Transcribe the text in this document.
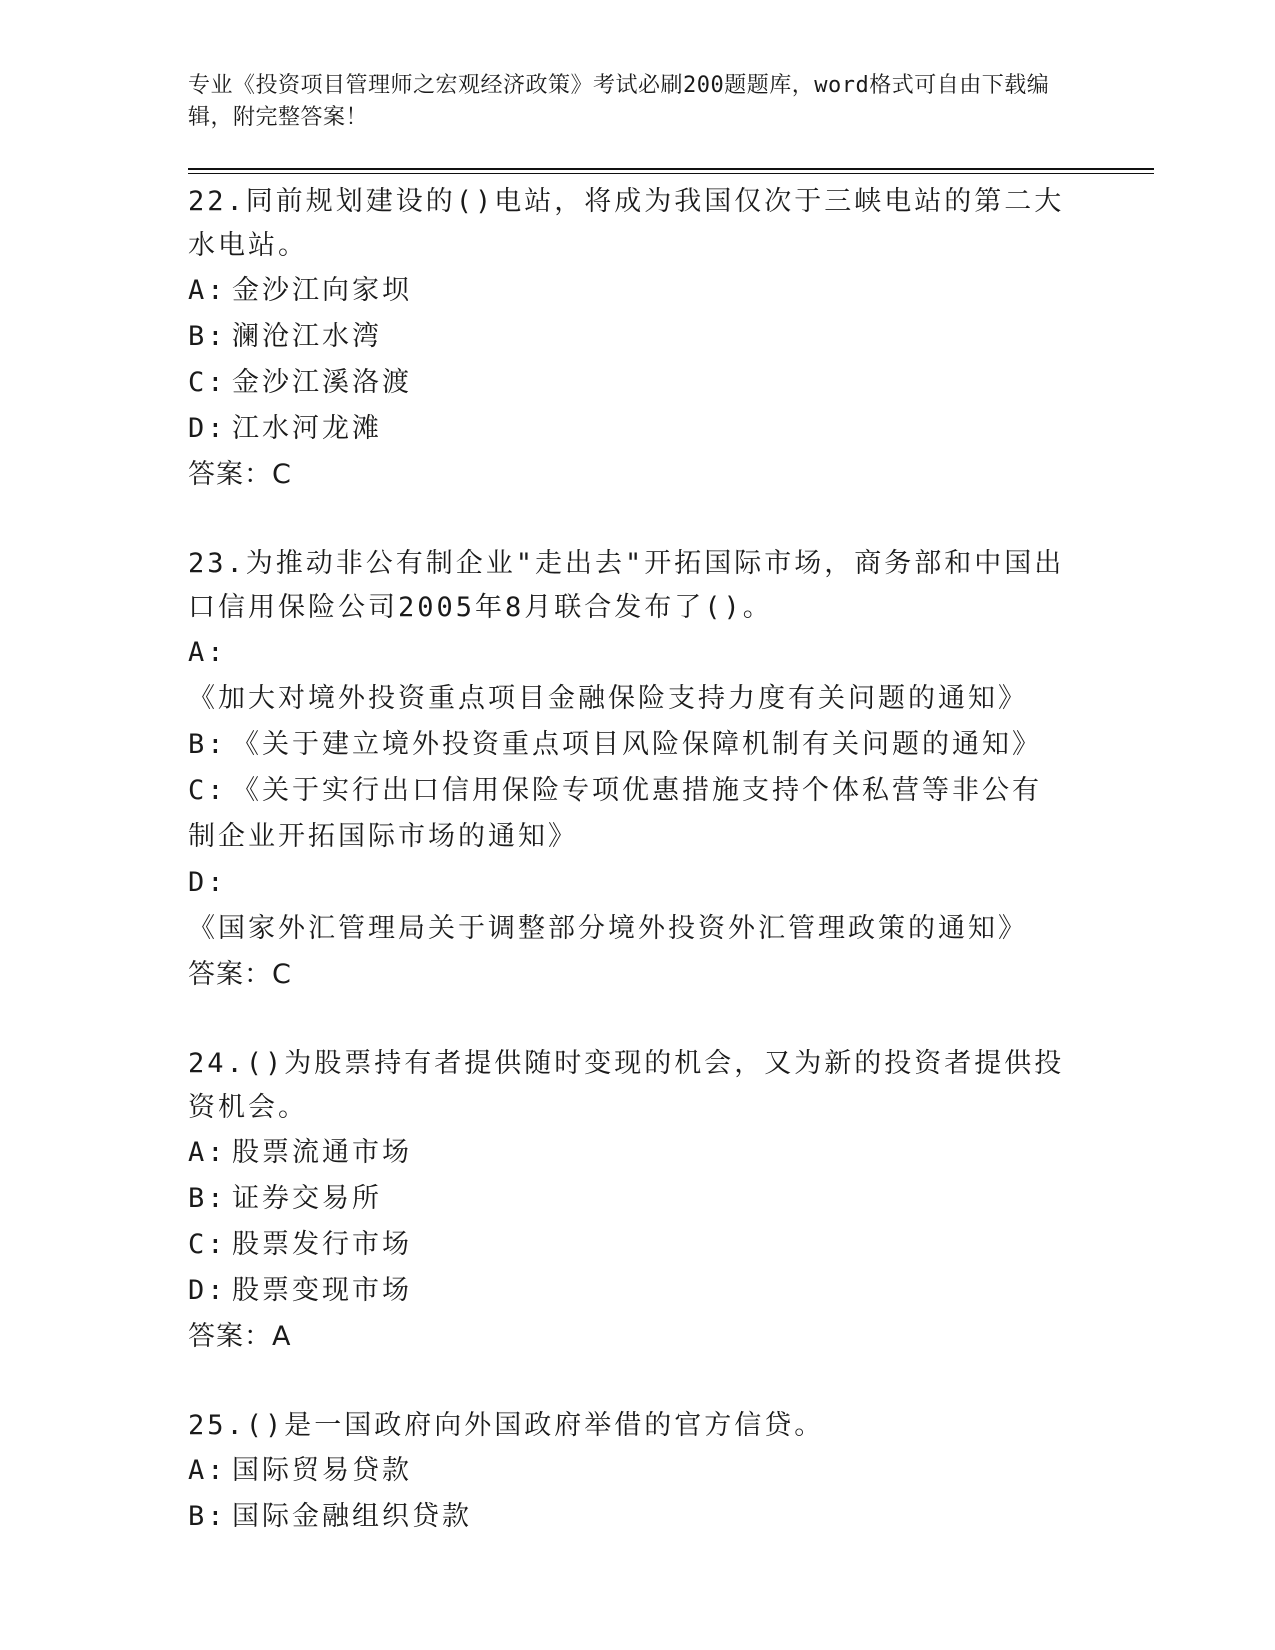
专业《投资项目管理师之宏观经济政策》考试必刷200题题库，word格式可自由下载编辑，附完整答案！
22.同前规划建设的()电站，将成为我国仅次于三峡电站的第二大水电站。
A: 金沙江向家坝
B: 澜沧江水湾
C: 金沙江溪洛渡
D: 江水河龙滩
答案：C
23.为推动非公有制企业"走出去"开拓国际市场，商务部和中国出口信用保险公司2005年8月联合发布了()。
A:《加大对境外投资重点项目金融保险支持力度有关问题的通知》
B: 《关于建立境外投资重点项目风险保障机制有关问题的通知》
C: 《关于实行出口信用保险专项优惠措施支持个体私营等非公有制企业开拓国际市场的通知》
D:《国家外汇管理局关于调整部分境外投资外汇管理政策的通知》
答案：C
24.()为股票持有者提供随时变现的机会，又为新的投资者提供投资机会。
A: 股票流通市场
B: 证券交易所
C: 股票发行市场
D: 股票变现市场
答案：A
25.()是一国政府向外国政府举借的官方信贷。
A: 国际贸易贷款
B: 国际金融组织贷款
